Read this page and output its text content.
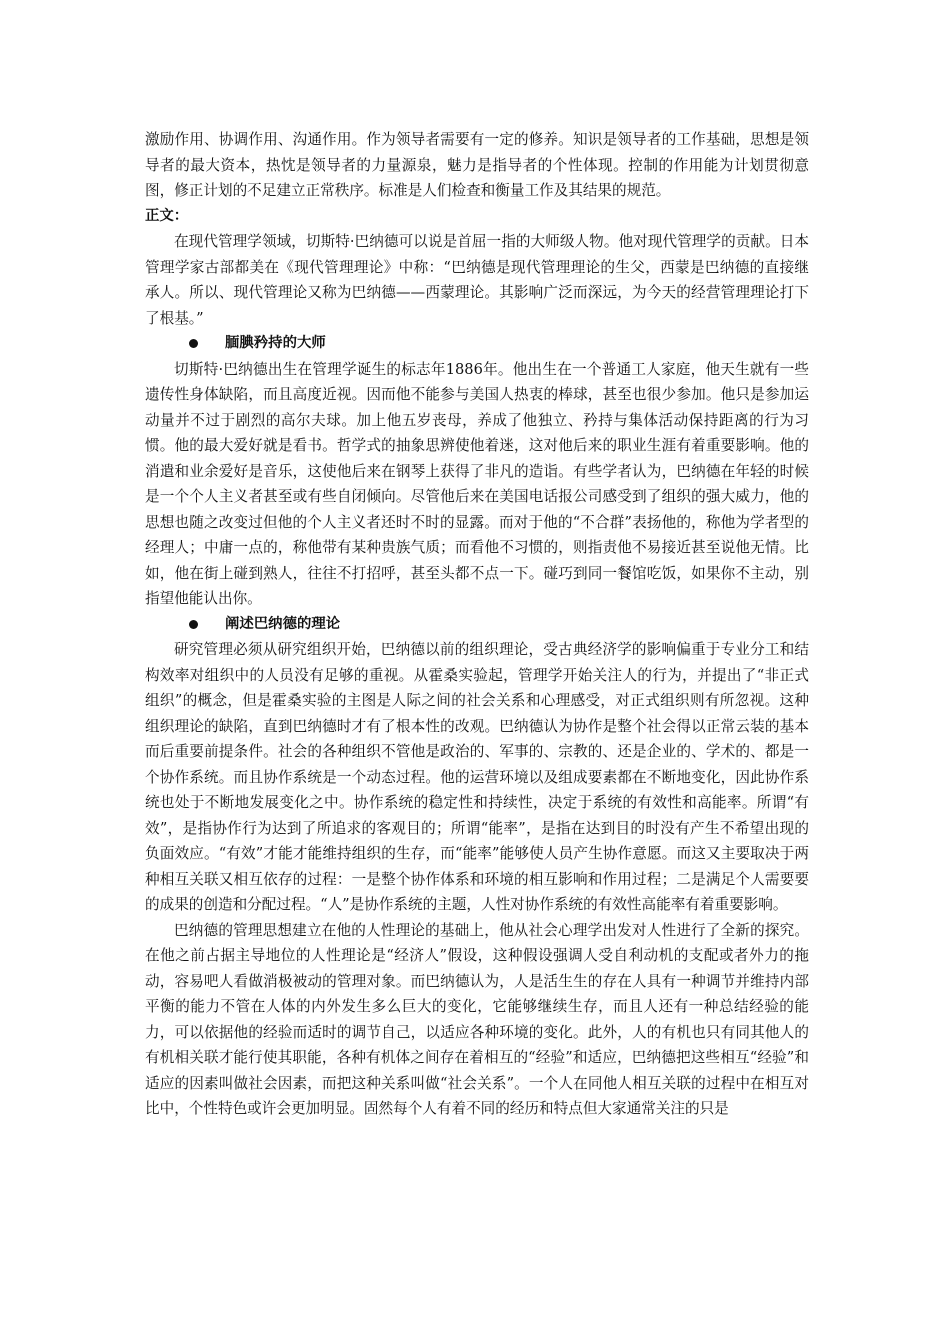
激励作用、协调作用、沟通作用。作为领导者需要有一定的修养。知识是领导者的工作基础，思想是领导者的最大资本，热忱是领导者的力量源泉，魅力是指导者的个性体现。控制的作用能为计划贯彻意图，修正计划的不足建立正常秩序。标准是人们检查和衡量工作及其结果的规范。

正文：

在现代管理学领域，切斯特·巴纳德可以说是首屈一指的大师级人物。他对现代管理学的贡献。日本管理学家古部都美在《现代管理理论》中称：“巴纳德是现代管理理论的生父，西蒙是巴纳德的直接继承人。所以、现代管理论又称为巴纳德——西蒙理论。其影响广泛而深远，为今天的经营管理理论打下了根基。”

腼腆矜持的大师

切斯特·巴纳德出生在管理学诞生的标志年1886年。他出生在一个普通工人家庭，他天生就有一些遗传性身体缺陷，而且高度近视。因而他不能参与美国人热衷的棒球，甚至也很少参加。他只是参加运动量并不过于剧烈的高尔夫球。加上他五岁丧母，养成了他独立、矜持与集体活动保持距离的行为习惯。他的最大爱好就是看书。哲学式的抽象思辨使他着迷，这对他后来的职业生涯有着重要影响。他的消遣和业余爱好是音乐，这使他后来在钢琴上获得了非凡的造诣。有些学者认为，巴纳德在年轻的时候是一个个人主义者甚至或有些自闭倾向。尽管他后来在美国电话报公司感受到了组织的强大威力，他的思想也随之改变过但他的个人主义者还时不时的显露。而对于他的“不合群”表扬他的，称他为学者型的经理人；中庸一点的，称他带有某种贵族气质；而看他不习惯的，则指责他不易接近甚至说他无情。比如，他在街上碰到熟人，往往不打招呼，甚至头都不点一下。碰巧到同一餐馆吃饭，如果你不主动，别指望他能认出你。

阐述巴纳德的理论

研究管理必须从研究组织开始，巴纳德以前的组织理论，受古典经济学的影响偏重于专业分工和结构效率对组织中的人员没有足够的重视。从霍桑实验起，管理学开始关注人的行为，并提出了“非正式组织”的概念，但是霍桑实验的主图是人际之间的社会关系和心理感受，对正式组织则有所忽视。这种组织理论的缺陷，直到巴纳德时才有了根本性的改观。巴纳德认为协作是整个社会得以正常云装的基本而后重要前提条件。社会的各种组织不管他是政治的、军事的、宗教的、还是企业的、学术的、都是一个协作系统。而且协作系统是一个动态过程。他的运营环境以及组成要素都在不断地变化，因此协作系统也处于不断地发展变化之中。协作系统的稳定性和持续性，决定于系统的有效性和高能率。所谓“有效”，是指协作行为达到了所追求的客观目的；所谓“能率”，是指在达到目的时没有产生不希望出现的负面效应。“有效”才能才能维持组织的生存，而“能率”能够使人员产生协作意愿。而这又主要取决于两种相互关联又相互依存的过程：一是整个协作体系和环境的相互影响和作用过程；二是满足个人需要要的成果的创造和分配过程。“人”是协作系统的主题，人性对协作系统的有效性高能率有着重要影响。

巴纳德的管理思想建立在他的人性理论的基础上，他从社会心理学出发对人性进行了全新的探究。在他之前占据主导地位的人性理论是“经济人”假设，这种假设强调人受自利动机的支配或者外力的拖动，容易吧人看做消极被动的管理对象。而巴纳德认为，人是活生生的存在人具有一种调节并维持内部平衡的能力不管在人体的内外发生多么巨大的变化，它能够继续生存，而且人还有一种总结经验的能力，可以依据他的经验而适时的调节自己，以适应各种环境的变化。此外，人的有机也只有同其他人的有机相关联才能行使其职能，各种有机体之间存在着相互的“经验”和适应，巴纳德把这些相互“经验”和适应的因素叫做社会因素，而把这种关系叫做“社会关系”。一个人在同他人相互关联的过程中在相互对比中，个性特色或许会更加明显。固然每个人有着不同的经历和特点但大家通常关注的只是
